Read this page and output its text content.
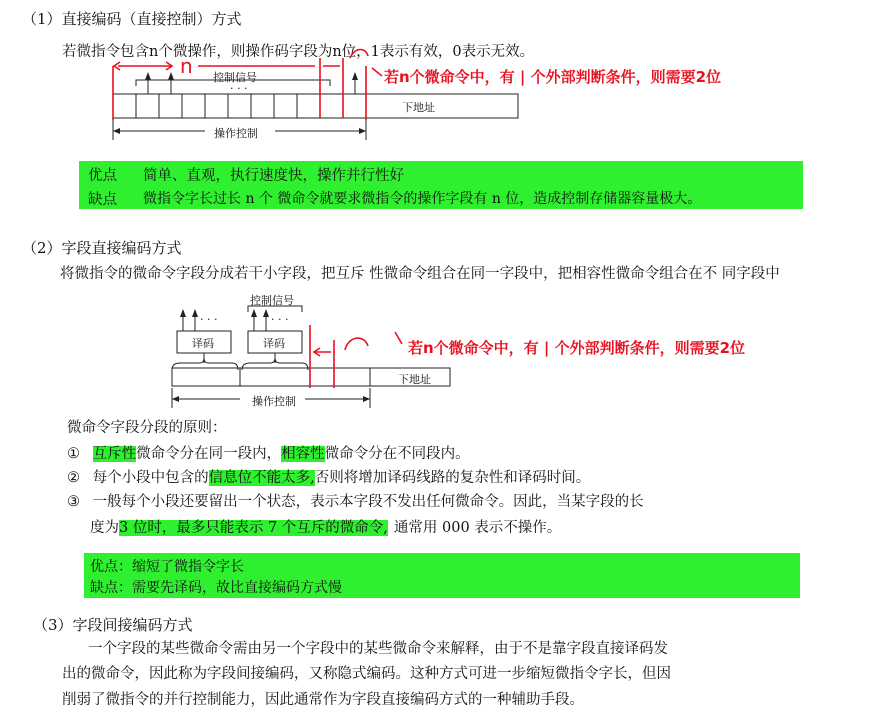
（1）直接编码（直接控制）方式
若微指令包含n个微操作，则操作码字段为n位，1表示有效，0表示无效。
n 控制信号
· · ·
下地址
操作控制
若n个微命令中，有 | 个外部判断条件，则需要2位
优点 简单、直观，执行速度快，操作并行性好
缺点 微指令字长过长 n 个 微命令就要求微指令的操作字段有 n 位，造成控制存储器容量极大。
（2）字段直接编码方式
将微指令的微命令字段分成若干小字段，把互斥 性微命令组合在同一字段中，把相容性微命令组合在不 同字段中
控制信号
· · ·	· · ·
译码	译码
下地址
操作控制
若n个微命令中，有 | 个外部判断条件，则需要2位
微命令字段分段的原则：
① 互斥性微命令分在同一段内，相容性微命令分在不同段内。
② 每个小段中包含的信息位不能太多,否则将增加译码线路的复杂性和译码时间。
③ 一般每个小段还要留出一个状态，表示本字段不发出任何微命令。因此，当某字段的长
度为3 位时，最多只能表示 7 个互斥的微命令, 通常用 000 表示不操作。
优点：缩短了微指令字长
缺点：需要先译码，故比直接编码方式慢
（3）字段间接编码方式
一个字段的某些微命令需由另一个字段中的某些微命令来解释，由于不是靠字段直接译码发
出的微命令，因此称为字段间接编码，又称隐式编码。这种方式可进一步缩短微指令字长，但因
削弱了微指令的并行控制能力，因此通常作为字段直接编码方式的一种辅助手段。
